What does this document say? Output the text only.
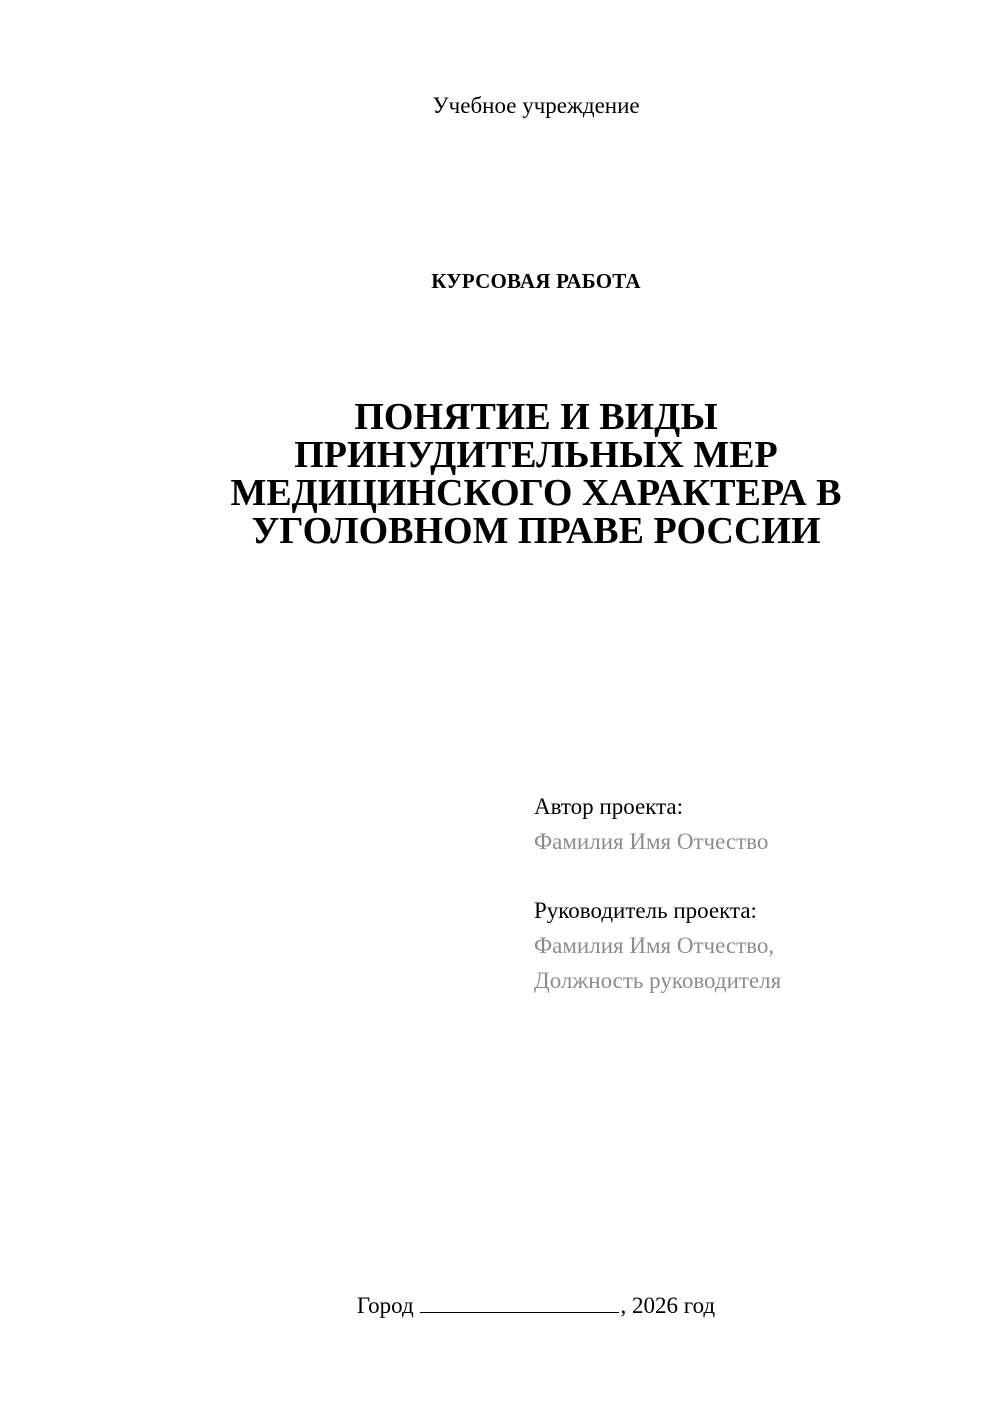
Учебное учреждение
КУРСОВАЯ РАБОТА
ПОНЯТИЕ И ВИДЫ
ПРИНУДИТЕЛЬНЫХ МЕР
МЕДИЦИНСКОГО ХАРАКТЕРА В
УГОЛОВНОМ ПРАВЕ РОССИИ
Автор проекта:
Фамилия Имя Отчество
Руководитель проекта:
Фамилия Имя Отчество,
Должность руководителя
Город	, 2026 год
